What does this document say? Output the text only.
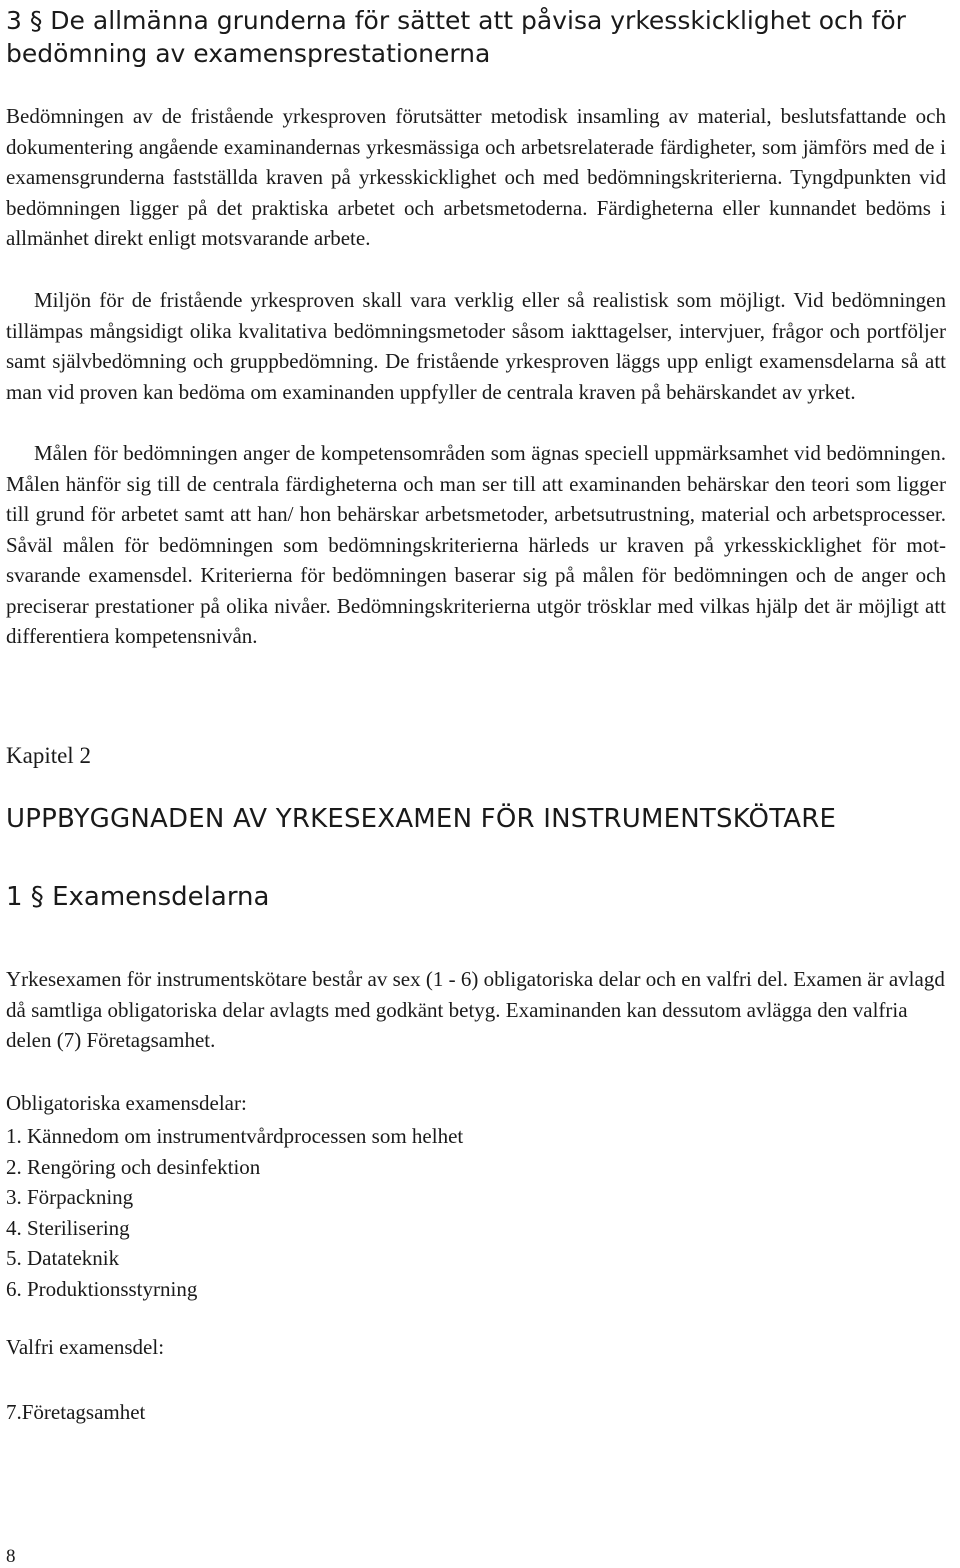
3 § De allmänna grunderna för sättet att påvisa yrkesskicklighet och för bedömning av examensprestationerna

Bedömningen av de fristående yrkesproven förutsätter metodisk insamling av material, beslutsfattande och dokumentering angående examinandernas yrkesmässiga och arbetsrelaterade färdigheter, som jämförs med de i examensgrunderna fastställda kraven på yrkesskicklighet och med bedömningskriterierna. Tyngdpunkten vid bedömningen ligger på det praktiska arbetet och arbetsmetoderna. Färdigheterna eller kunnandet bedöms i allmänhet direkt enligt motsvarande arbete.

Miljön för de fristående yrkesproven skall vara verklig eller så realistisk som möjligt. Vid bedömningen tillämpas mångsidigt olika kvalitativa bedömningsmetoder såsom iakttagelser, intervjuer, frågor och portföljer samt självbedömning och gruppbedömning. De fristående yrkesproven läggs upp enligt examensdelarna så att man vid proven kan bedöma om examinanden uppfyller de centrala kraven på behärskandet av yrket.

Målen för bedömningen anger de kompetensområden som ägnas speciell uppmärksamhet vid bedömningen. Målen hänför sig till de centrala färdigheterna och man ser till att examinanden behärskar den teori som ligger till grund för arbetet samt att han/ hon behärskar arbetsmetoder, arbetsutrustning, material och arbetsprocesser. Såväl målen för bedömningen som bedömningskriterierna härleds ur kraven på yrkesskicklighet för motsvarande examensdel. Kriterierna för bedömningen baserar sig på målen för bedömningen och de anger och preciserar prestationer på olika nivåer. Bedömningskriterierna utgör trösklar med vilkas hjälp det är möjligt att differentiera kompetensnivån.

Kapitel 2
UPPBYGGNADEN AV YRKESEXAMEN FÖR INSTRUMENTSKÖTARE
1 § Examensdelarna

Yrkesexamen för instrumentskötare består av sex (1 - 6) obligatoriska delar och en valfri del. Examen är avlagd då samtliga obligatoriska delar avlagts med godkänt betyg. Examinanden kan dessutom avlägga den valfria delen (7) Företagsamhet.

Obligatoriska examensdelar:

1. Kännedom om instrumentvårdprocessen som helhet
2. Rengöring och desinfektion
3. Förpackning
4. Sterilisering
5. Datateknik
6. Produktionsstyrning

Valfri examensdel:

7.Företagsamhet

8
